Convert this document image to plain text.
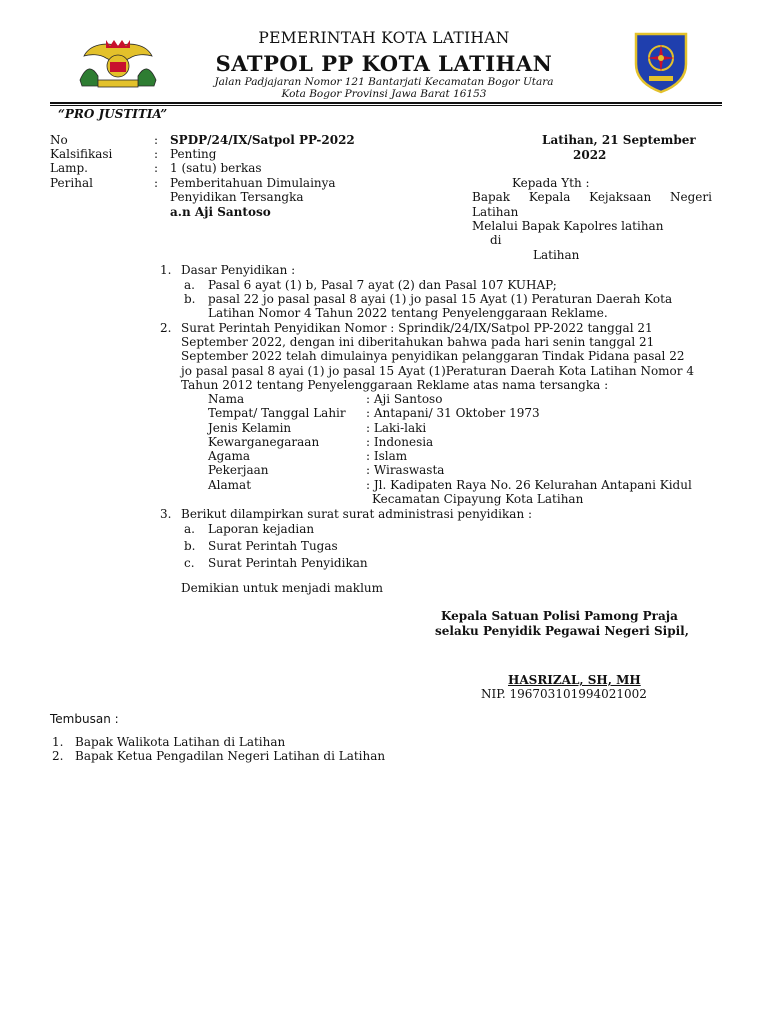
PEMERINTAH KOTA LATIHAN
SATPOL PP KOTA LATIHAN
Jalan Padjajaran Nomor 121 Bantarjati Kecamatan Bogor Utara
Kota Bogor Provinsi Jawa Barat 16153
“PRO JUSTITIA”
No	: SPDP/24/IX/Satpol PP-2022
Kalsifikasi	: Penting
Lamp.	: 1 (satu) berkas
Perihal	: Pemberitahuan Dimulainya
Penyidikan Tersangka
a.n Aji Santoso
Latihan, 21 September
2022
Kepada Yth :
Bapak Kepala Kejaksaan Negeri
Latihan
Melalui Bapak Kapolres latihan
di
Latihan
1. Dasar Penyidikan :
a. Pasal 6 ayat (1) b, Pasal 7 ayat (2) dan Pasal 107 KUHAP;
b. pasal 22 jo pasal pasal 8 ayai (1) jo pasal 15 Ayat (1) Peraturan Daerah Kota
Latihan Nomor 4 Tahun 2022 tentang Penyelenggaraan Reklame.
2. Surat Perintah Penyidikan Nomor : Sprindik/24/IX/Satpol PP-2022 tanggal 21
September 2022, dengan ini diberitahukan bahwa pada hari senin tanggal 21
September 2022 telah dimulainya penyidikan pelanggaran Tindak Pidana pasal 22
jo pasal pasal 8 ayai (1) jo pasal 15 Ayat (1)Peraturan Daerah Kota Latihan Nomor 4
Tahun 2012 tentang Penyelenggaraan Reklame atas nama tersangka :
Nama	: Aji Santoso
Tempat/ Tanggal Lahir : Antapani/ 31 Oktober 1973
Jenis Kelamin	: Laki-laki
Kewarganegaraan	: Indonesia
Agama	: Islam
Pekerjaan	: Wiraswasta
Alamat	: Jl. Kadipaten Raya No. 26 Kelurahan Antapani Kidul
Kecamatan Cipayung Kota Latihan
3. Berikut dilampirkan surat surat administrasi penyidikan :
a. Laporan kejadian
b. Surat Perintah Tugas
c. Surat Perintah Penyidikan
Demikian untuk menjadi maklum
Kepala Satuan Polisi Pamong Praja
selaku Penyidik Pegawai Negeri Sipil,
HASRIZAL, SH, MH
NIP. 196703101994021002
Tembusan :
1. Bapak Walikota Latihan di Latihan
2. Bapak Ketua Pengadilan Negeri Latihan di Latihan
